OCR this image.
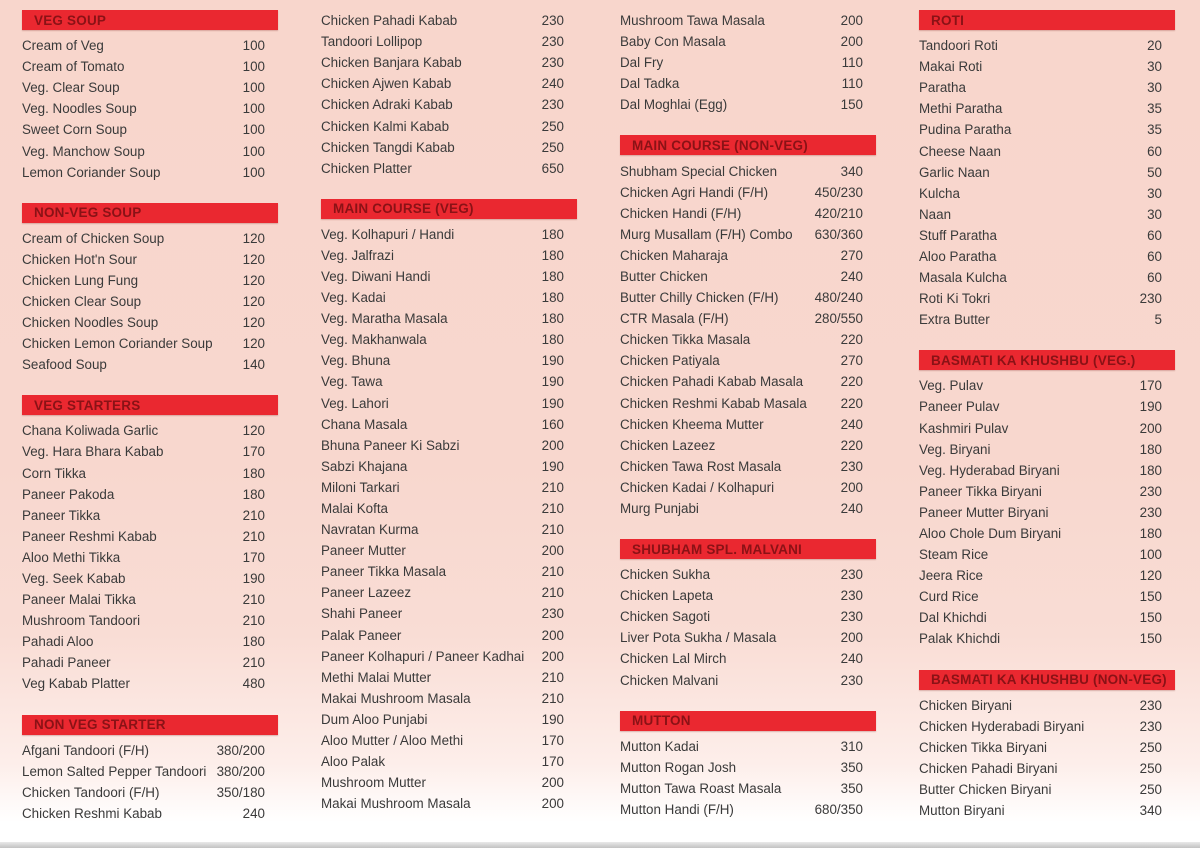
VEG SOUP
Cream of Veg	100
Cream of Tomato	100
Veg. Clear Soup	100
Veg. Noodles Soup	100
Sweet Corn Soup	100
Veg. Manchow Soup	100
Lemon Coriander Soup	100
NON-VEG SOUP
Cream of Chicken Soup	120
Chicken Hot'n Sour	120
Chicken Lung Fung	120
Chicken Clear Soup	120
Chicken Noodles Soup	120
Chicken Lemon Coriander Soup 120
Seafood Soup	140
VEG STARTERS
Chana Koliwada Garlic	120
Veg. Hara Bhara Kabab	170
Corn Tikka	180
Paneer Pakoda	180
Paneer Tikka	210
Paneer Reshmi Kabab	210
Aloo Methi Tikka	170
Veg. Seek Kabab	190
Paneer Malai Tikka	210
Mushroom Tandoori	210
Pahadi Aloo	180
Pahadi Paneer	210
Veg Kabab Platter	480
NON VEG STARTER
Afgani Tandoori (F/H)	380/200
Lemon Salted Pepper Tandoori 380/200
Chicken Tandoori (F/H)	350/180
Chicken Reshmi Kabab	240
Chicken Pahadi Kabab	230
Tandoori Lollipop	230
Chicken Banjara Kabab	230
Chicken Ajwen Kabab	240
Chicken Adraki Kabab	230
Chicken Kalmi Kabab	250
Chicken Tangdi Kabab	250
Chicken Platter	650
MAIN COURSE (VEG)
Veg. Kolhapuri / Handi	180
Veg. Jalfrazi	180
Veg. Diwani Handi	180
Veg. Kadai	180
Veg. Maratha Masala	180
Veg. Makhanwala	180
Veg. Bhuna	190
Veg. Tawa	190
Veg. Lahori	190
Chana Masala	160
Bhuna Paneer Ki Sabzi	200
Sabzi Khajana	190
Miloni Tarkari	210
Malai Kofta	210
Navratan Kurma	210
Paneer Mutter	200
Paneer Tikka Masala	210
Paneer Lazeez	210
Shahi Paneer	230
Palak Paneer	200
Paneer Kolhapuri / Paneer Kadhai 200
Methi Malai Mutter	210
Makai Mushroom Masala	210
Dum Aloo Punjabi	190
Aloo Mutter / Aloo Methi	170
Aloo Palak	170
Mushroom Mutter	200
Makai Mushroom Masala	200
Mushroom Tawa Masala	200
Baby Con Masala	200
Dal Fry	110
Dal Tadka	110
Dal Moghlai (Egg)	150
MAIN COURSE (NON-VEG)
Shubham Special Chicken	340
Chicken Agri Handi (F/H)	450/230
Chicken Handi (F/H)	420/210
Murg Musallam (F/H) Combo 630/360
Chicken Maharaja	270
Butter Chicken	240
Butter Chilly Chicken (F/H)	480/240
CTR Masala (F/H)	280/550
Chicken Tikka Masala	220
Chicken Patiyala	270
Chicken Pahadi Kabab Masala	220
Chicken Reshmi Kabab Masala	220
Chicken Kheema Mutter	240
Chicken Lazeez	220
Chicken Tawa Rost Masala	230
Chicken Kadai / Kolhapuri	200
Murg Punjabi	240
SHUBHAM SPL. MALVANI
Chicken Sukha	230
Chicken Lapeta	230
Chicken Sagoti	230
Liver Pota Sukha / Masala	200
Chicken Lal Mirch	240
Chicken Malvani	230
MUTTON
Mutton Kadai	310
Mutton Rogan Josh	350
Mutton Tawa Roast Masala	350
Mutton Handi (F/H)	680/350
ROTI
Tandoori Roti	20
Makai Roti	30
Paratha	30
Methi Paratha	35
Pudina Paratha	35
Cheese Naan	60
Garlic Naan	50
Kulcha	30
Naan	30
Stuff Paratha	60
Aloo Paratha	60
Masala Kulcha	60
Roti Ki Tokri	230
Extra Butter	5
BASMATI KA KHUSHBU (VEG.)
Veg. Pulav	170
Paneer Pulav	190
Kashmiri Pulav	200
Veg. Biryani	180
Veg. Hyderabad Biryani	180
Paneer Tikka Biryani	230
Paneer Mutter Biryani	230
Aloo Chole Dum Biryani	180
Steam Rice	100
Jeera Rice	120
Curd Rice	150
Dal Khichdi	150
Palak Khichdi	150
BASMATI KA KHUSHBU (NON-VEG)
Chicken Biryani	230
Chicken Hyderabadi Biryani	230
Chicken Tikka Biryani	250
Chicken Pahadi Biryani	250
Butter Chicken Biryani	250
Mutton Biryani	340
